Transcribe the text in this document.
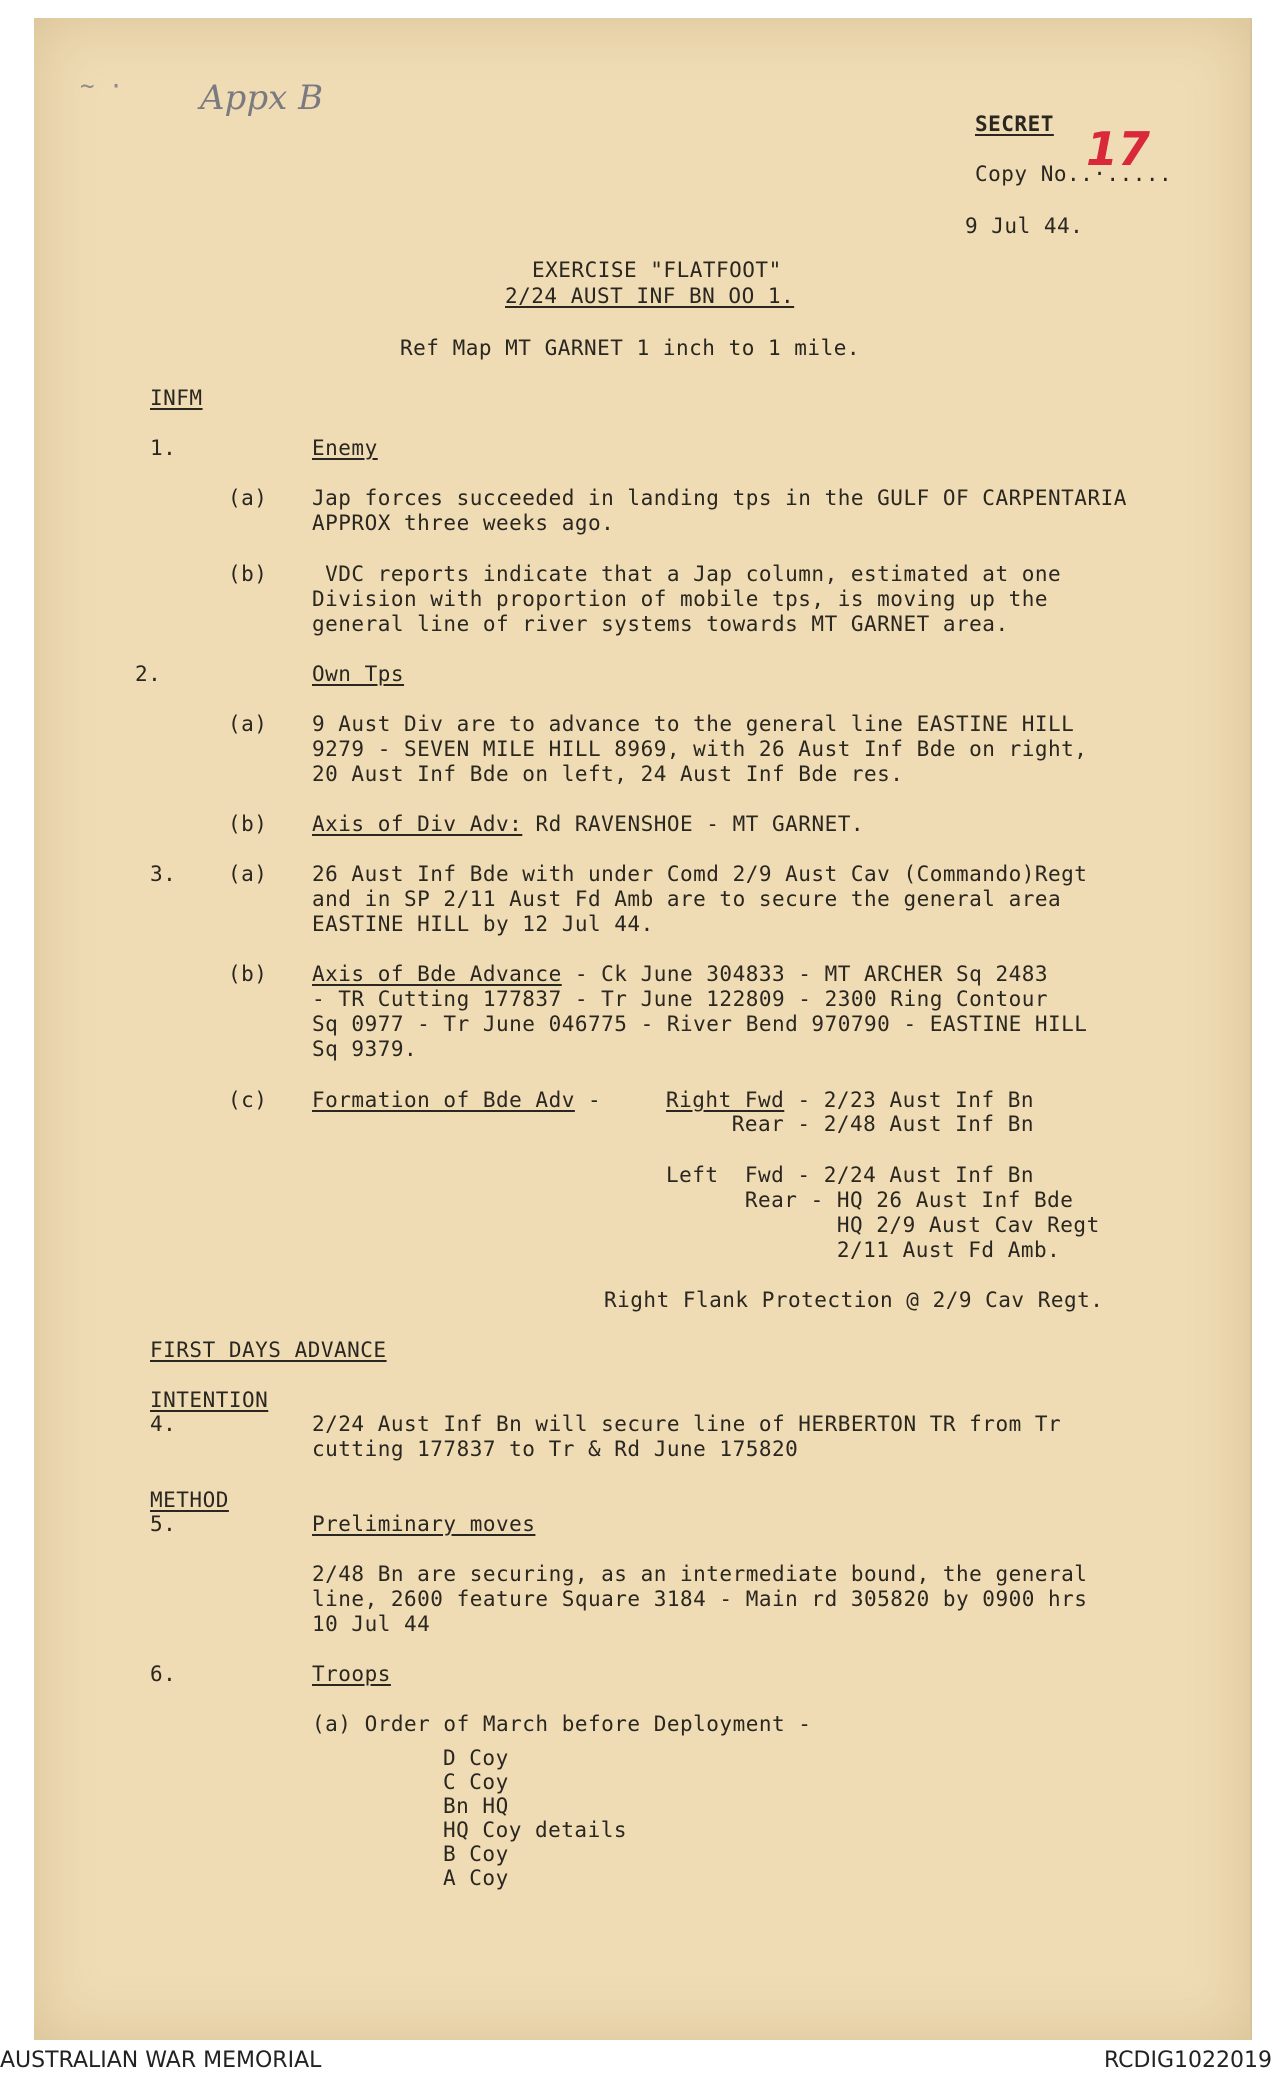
Appx B
~ ·
SECRET
Copy No..·.....
17
9 Jul 44.
EXERCISE "FLATFOOT"
2/24 AUST INF BN OO 1.
Ref Map MT GARNET 1 inch to 1 mile.
INFM
1.	Enemy
(a) Jap forces succeeded in landing tps in the GULF OF CARPENTARIA
APPROX three weeks ago.
(b)	VDC reports indicate that a Jap column, estimated at one
Division with proportion of mobile tps, is moving up the
general line of river systems towards MT GARNET area.
2.	Own Tps
(a) 9 Aust Div are to advance to the general line EASTINE HILL
9279 - SEVEN MILE HILL 8969, with 26 Aust Inf Bde on right,
20 Aust Inf Bde on left, 24 Aust Inf Bde res.
(b) Axis of Div Adv: Rd RAVENSHOE - MT GARNET.
3. (a) 26 Aust Inf Bde with under Comd 2/9 Aust Cav (Commando)Regt
and in SP 2/11 Aust Fd Amb are to secure the general area
EASTINE HILL by 12 Jul 44.
(b) Axis of Bde Advance - Ck June 304833 - MT ARCHER Sq 2483
- TR Cutting 177837 - Tr June 122809 - 2300 Ring Contour
Sq 0977 - Tr June 046775 - River Bend 970790 - EASTINE HILL
Sq 9379.
(c) Formation of Bde Adv - Right Fwd - 2/23 Aust Inf Bn
Rear - 2/48 Aust Inf Bn
Left  Fwd - 2/24 Aust Inf Bn
Rear - HQ 26 Aust Inf Bde
HQ 2/9 Aust Cav Regt
2/11 Aust Fd Amb.
Right Flank Protection @ 2/9 Cav Regt.
FIRST DAYS ADVANCE
INTENTION
4.	2/24 Aust Inf Bn will secure line of HERBERTON TR from Tr
cutting 177837 to Tr & Rd June 175820
METHOD
5.	Preliminary moves
2/48 Bn are securing, as an intermediate bound, the general
line, 2600 feature Square 3184 - Main rd 305820 by 0900 hrs
10 Jul 44
6.	Troops
(a) Order of March before Deployment -
D Coy
C Coy
Bn HQ
HQ Coy details
B Coy
A Coy
AUSTRALIAN WAR MEMORIAL	RCDIG1022019
